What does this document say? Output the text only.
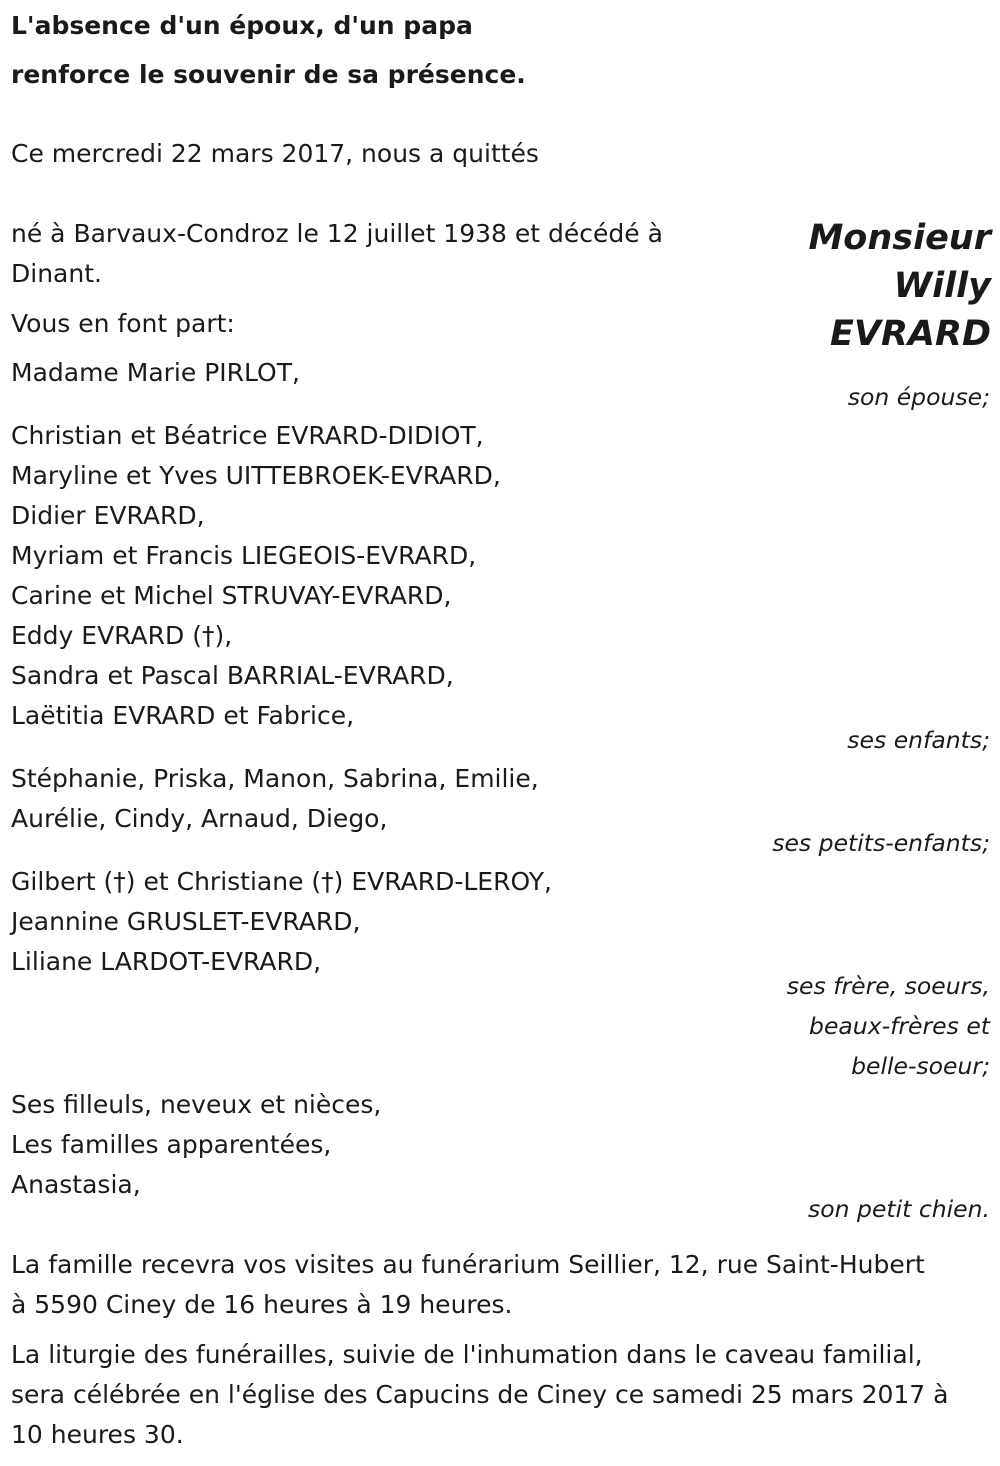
L'absence d'un époux, d'un papa

renforce le souvenir de sa présence.

Ce mercredi 22 mars 2017, nous a quittés

Monsieur
Willy
EVRARD

né à Barvaux-Condroz le 12 juillet 1938 et décédé à

Dinant.

Vous en font part:

Madame Marie PIRLOT,

son épouse;

Christian et Béatrice EVRARD-DIDIOT,

Maryline et Yves UITTEBROEK-EVRARD,

Didier EVRARD,

Myriam et Francis LIEGEOIS-EVRARD,

Carine et Michel STRUVAY-EVRARD,

Eddy EVRARD (†),

Sandra et Pascal BARRIAL-EVRARD,

Laëtitia EVRARD et Fabrice,

ses enfants;

Stéphanie, Priska, Manon, Sabrina, Emilie,

Aurélie, Cindy, Arnaud, Diego,

ses petits-enfants;

Gilbert (†) et Christiane (†) EVRARD-LEROY,

Jeannine GRUSLET-EVRARD,

Liliane LARDOT-EVRARD,

ses frère, soeurs,

beaux-frères et

belle-soeur;

Ses filleuls, neveux et nièces,

Les familles apparentées,

Anastasia,

son petit chien.

La famille recevra vos visites au funérarium Seillier, 12, rue Saint-Hubert

à 5590 Ciney de 16 heures à 19 heures.

La liturgie des funérailles, suivie de l'inhumation dans le caveau familial,

sera célébrée en l'église des Capucins de Ciney ce samedi 25 mars 2017 à

10 heures 30.
